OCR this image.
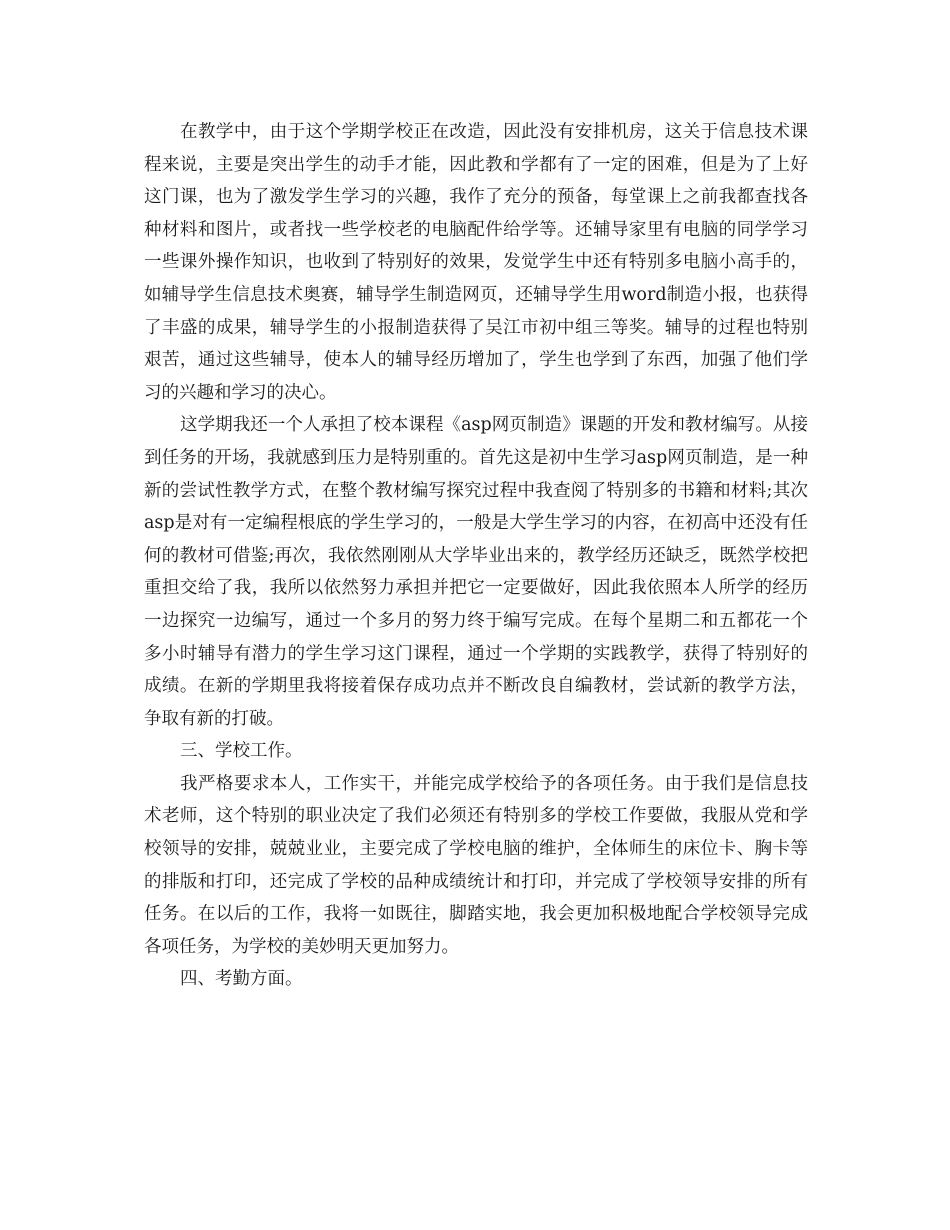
在教学中，由于这个学期学校正在改造，因此没有安排机房，这关于信息技术课程来说，主要是突出学生的动手才能，因此教和学都有了一定的困难，但是为了上好这门课，也为了激发学生学习的兴趣，我作了充分的预备，每堂课上之前我都查找各种材料和图片，或者找一些学校老的电脑配件给学等。还辅导家里有电脑的同学学习一些课外操作知识，也收到了特别好的效果，发觉学生中还有特别多电脑小高手的，如辅导学生信息技术奥赛，辅导学生制造网页，还辅导学生用word制造小报，也获得了丰盛的成果，辅导学生的小报制造获得了吴江市初中组三等奖。辅导的过程也特别艰苦，通过这些辅导，使本人的辅导经历增加了，学生也学到了东西，加强了他们学习的兴趣和学习的决心。

这学期我还一个人承担了校本课程《asp网页制造》课题的开发和教材编写。从接到任务的开场，我就感到压力是特别重的。首先这是初中生学习asp网页制造，是一种新的尝试性教学方式，在整个教材编写探究过程中我查阅了特别多的书籍和材料;其次asp是对有一定编程根底的学生学习的，一般是大学生学习的内容，在初高中还没有任何的教材可借鉴;再次，我依然刚刚从大学毕业出来的，教学经历还缺乏，既然学校把重担交给了我，我所以依然努力承担并把它一定要做好，因此我依照本人所学的经历一边探究一边编写，通过一个多月的努力终于编写完成。在每个星期二和五都花一个多小时辅导有潜力的学生学习这门课程，通过一个学期的实践教学，获得了特别好的成绩。在新的学期里我将接着保存成功点并不断改良自编教材，尝试新的教学方法，争取有新的打破。

三、学校工作。

我严格要求本人，工作实干，并能完成学校给予的各项任务。由于我们是信息技术老师，这个特别的职业决定了我们必须还有特别多的学校工作要做，我服从党和学校领导的安排，兢兢业业，主要完成了学校电脑的维护，全体师生的床位卡、胸卡等的排版和打印，还完成了学校的品种成绩统计和打印，并完成了学校领导安排的所有任务。在以后的工作，我将一如既往，脚踏实地，我会更加积极地配合学校领导完成各项任务，为学校的美妙明天更加努力。

四、考勤方面。
